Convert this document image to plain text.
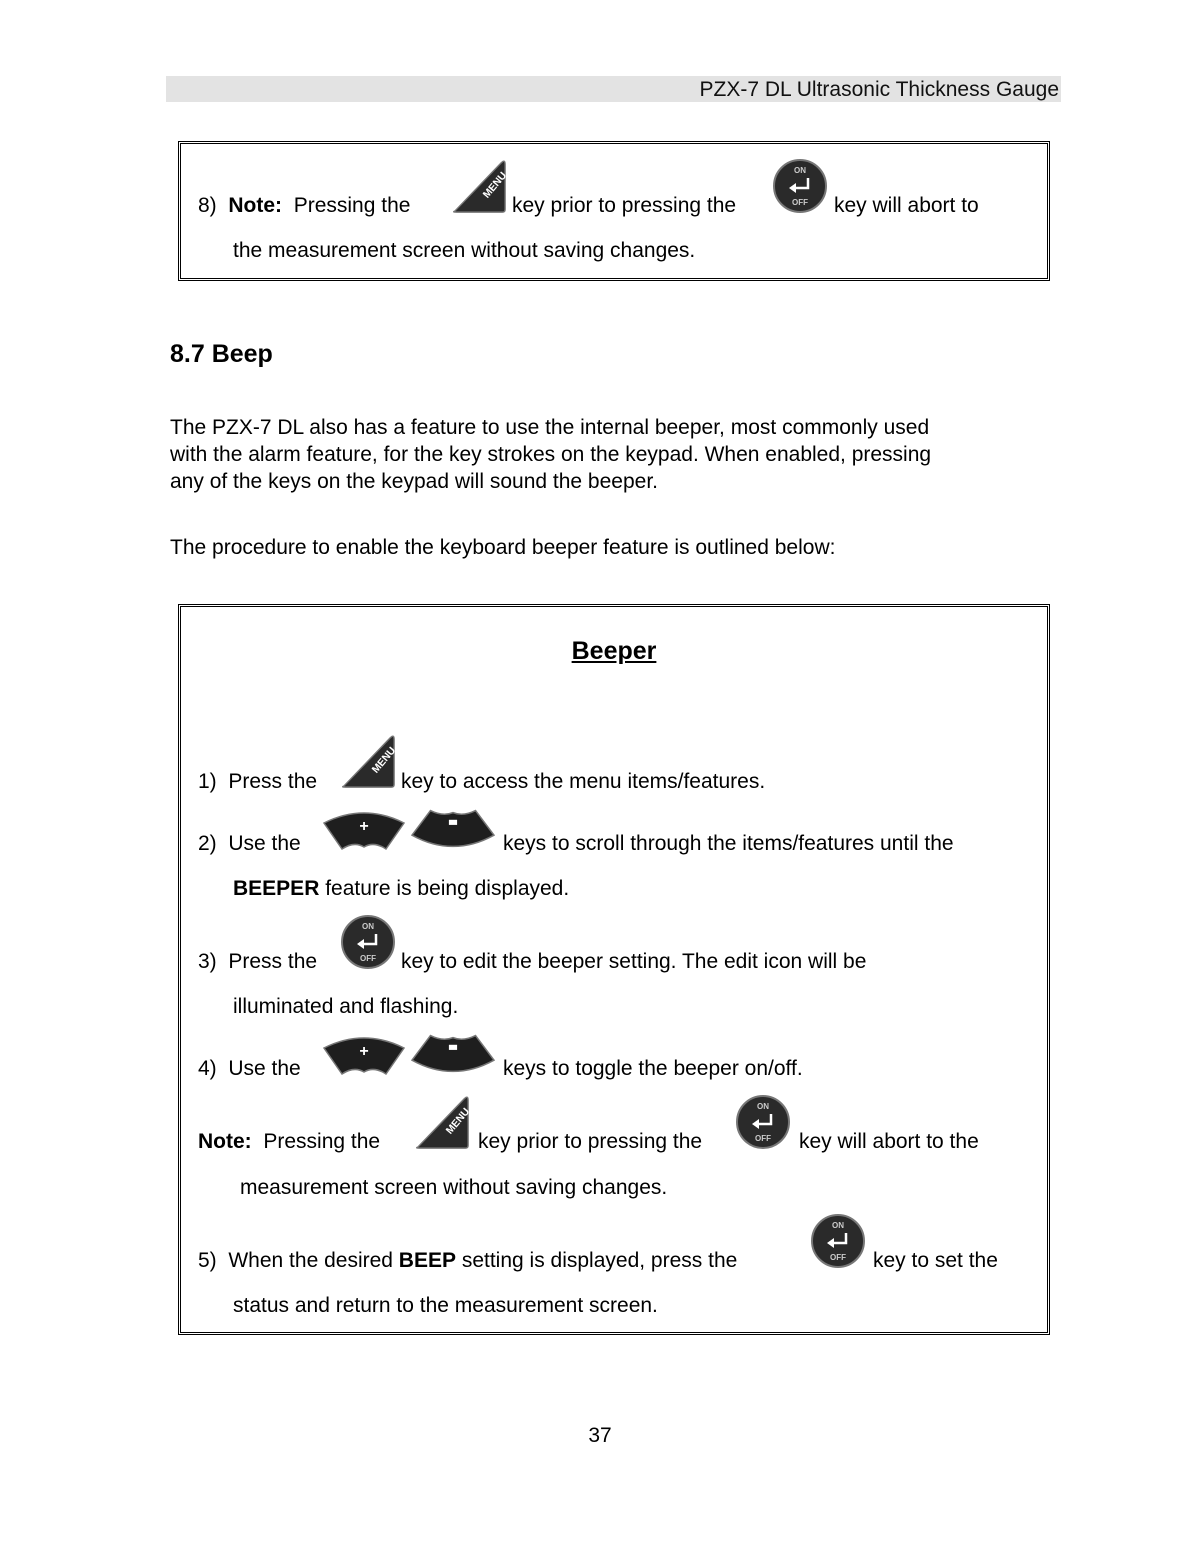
PZX-7 DL Ultrasonic Thickness Gauge
8) Note: Pressing the	key prior to pressing the	key will abort to
the measurement screen without saving changes.
8.7 Beep
The PZX-7 DL also has a feature to use the internal beeper, most commonly used
with the alarm feature, for the key strokes on the keypad. When enabled, pressing
any of the keys on the keypad will sound the beeper.
The procedure to enable the keyboard beeper feature is outlined below:
Beeper
1) Press the	key to access the menu items/features.
2) Use the	keys to scroll through the items/features until the
BEEPER feature is being displayed.
3) Press the	key to edit the beeper setting. The edit icon will be
illuminated and flashing.
4) Use the	keys to toggle the beeper on/off.
Note: Pressing the	key prior to pressing the	key will abort to the
measurement screen without saving changes.
5) When the desired BEEP setting is displayed, press the	key to set the
status and return to the measurement screen.
37
